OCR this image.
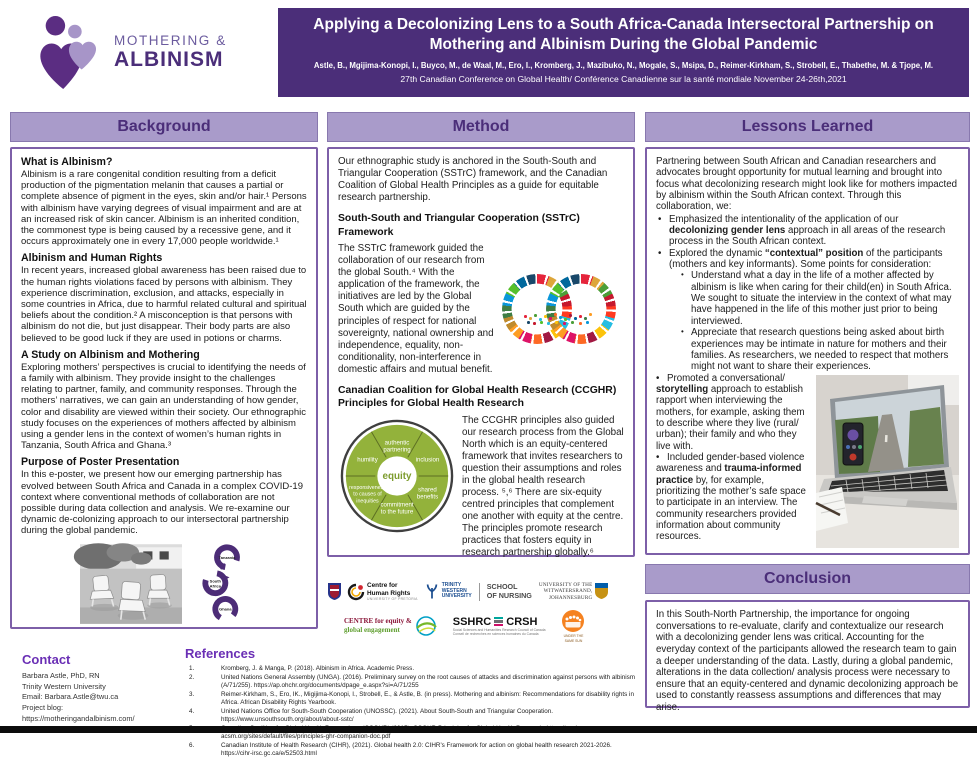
MOTHERING &
ALBINISM
Applying a Decolonizing Lens to a South Africa-Canada Intersectoral Partnership on
Mothering and Albinism During the Global Pandemic
Astle, B., Mgijima-Konopi, I., Buyco, M., de Waal, M., Ero, I., Kromberg, J., Mazibuko, N., Mogale, S., Msipa, D., Reimer-Kirkham, S., Strobell, E., Thabethe, M. & Tjope, M.
27th Canadian Conference on Global Health/ Conférence Canadienne sur la santé mondiale November 24-26th,2021
Background	Method	Lessons Learned
Conclusion
What is Albinism?

Albinism is a rare congenital condition resulting from a deficit production of the pigmentation melanin that causes a partial or complete absence of pigment in the eyes, skin and/or hair.¹ Persons with albinism have varying degrees of visual impairment and are at an increased risk of skin cancer. Albinism is an inherited condition, the commonest type is being caused by a recessive gene, and it occurs approximately one in every 17,000 people worldwide.¹

Albinism and Human Rights

In recent years, increased global awareness has been raised due to the human rights violations faced by persons with albinism. They experience discrimination, exclusion, and attacks, especially in some countries in Africa, due to harmful related cultural and spiritual beliefs about the condition.² A misconception is that persons with albinism do not die, but just disappear. Their body parts are also believed to be good luck if they are used in potions or charms.

A Study on Albinism and Mothering

Exploring mothers’ perspectives is crucial to identifying the needs of a family with albinism. They provide insight to the challenges relating to partner, family, and community responses. Through the mothers’ narratives, we can gain an understanding of how gender, color and disability are viewed within their society. Our ethnographic study focuses on the experiences of mothers affected by albinism using a gender lens in the context of women’s human rights in Tanzania, South Africa and Ghana.³

Purpose of Poster Presentation

In this e-poster, we present how our emerging partnership has evolved between South Africa and Canada in a complex COVID-19 context where conventional methods of collaboration are not possible during data collection and analysis. We re-examine our dynamic de-colonizing approach to our intersectoral partnership during the global pandemic.

Tanzania
South
Africa
Ghana

Our ethnographic study is anchored in the South-South and Triangular Cooperation (SSTrC) framework, and the Canadian Coalition of Global Health Principles as a guide for equitable research partnership.

South-South and Triangular Cooperation (SSTrC) Framework

The SSTrC framework guided the collaboration of our research from the global South.⁴ With the application of the framework, the initiatives are led by the Global South which are guided by the principles of respect for national sovereignty, national ownership and independence, equality, non-conditionality, non-interference in domestic affairs and mutual benefit.

Canadian Coalition for Global Health Research (CCGHR) Principles for Global Health Research
equity
authentic
partnering
humility	inclusion
responsiveness
to causes of
inequities
shared
benefits
commitment
to the future

The CCGHR principles also guided our research process from the Global North which is an equity-centered framework that invites researchers to question their assumptions and roles in the global health research process. ⁵,⁶ There are six-equity centred principles that complement one another with equity at the centre. The principles promote research practices that fosters equity in research partnership globally.⁶

Partnering between South African and Canadian researchers and advocates brought opportunity for mutual learning and brought into focus what decolonizing research might look like for mothers impacted by albinism within the South African context. Through this collaboration, we:

• Emphasized the intentionality of the application of our decolonizing gender lens approach in all areas of the research process in the South African context.
• Explored the dynamic “contextual” position of the participants (mothers and key informants). Some points for consideration:
• Understand what a day in the life of a mother affected by albinism is like when caring for their child(en) in South Africa. We sought to situate the interview in the context of what may have happened in the life of this mother just prior to being interviewed.
• Appreciate that research questions being asked about birth experiences may be intimate in nature for mothers and their families. As researchers, we needed to respect that mothers might not want to share their experiences.
• Promoted a conversational/ storytelling approach to establish rapport when interviewing the mothers, for example, asking them to describe where they live (rural/ urban); their family and who they live with.
• Included gender-based violence awareness and trauma-informed practice by, for example, prioritizing the mother’s safe space to participate in an interview. The community researchers provided information about community resources.

In this South-North Partnership, the importance for ongoing conversations to re-evaluate, clarify and contextualize our research with a decolonizing gender lens was critical. Accounting for the everyday context of the participants allowed the research team to gain a deeper understanding of the data. Lastly, during a global pandemic, alterations in the data collection/ analysis process were necessary to ensure that an equity-centered and dynamic decolonizing approach be used to constantly reassess assumptions and differences that may arise.

Centre for
Human Rights
UNIVERSITY OF PRETORIA
TRINITY
WESTERN
UNIVERSITY
SCHOOL
OF NURSING
UNIVERSITY OF THE
WITWATERSRAND,
JOHANNESBURG
CENTRE for equity &
global engagement
SSHRC CRSH
Social Sciences and Humanities Research Council of Canada
Conseil de recherches en sciences humaines du Canada
UNDER THE
SAME SUN
Contact

Barbara Astle, PhD, RN

Trinity Western University

Email: Barbara.Astle@twu.ca

Project blog: https://motheringandalbinism.com/

References
Kromberg, J. & Manga, P. (2018). Albinism in Africa. Academic Press.
United Nations General Assembly (UNGA). (2016). Preliminary survey on the root causes of attacks and discrimination against persons with albinism (A/71/255). https://ap.ohchr.org/documents/dpage_e.aspx?si=A/71/255
Reimer-Kirkham, S., Ero, IK., Migijima-Konopi, I., Strobell, E., & Astle, B. (in press). Mothering and albinism: Recommendations for disability rights in Africa. African Disability Rights Yearbook.
United Nations Office for South-South Cooperation (UNOSSC). (2021). About South-South and Triangular Cooperation. https://www.unsouthsouth.org/about/about-sstc/
acsm.org/sites/default/files/principles-ghr-companion-doc.pdf
Canadian Institute of Health Research (CIHR), (2021). Global health 2.0: CIHR's Framework for action on global health research 2021-2026. https://cihr-irsc.gc.ca/e/52503.html
